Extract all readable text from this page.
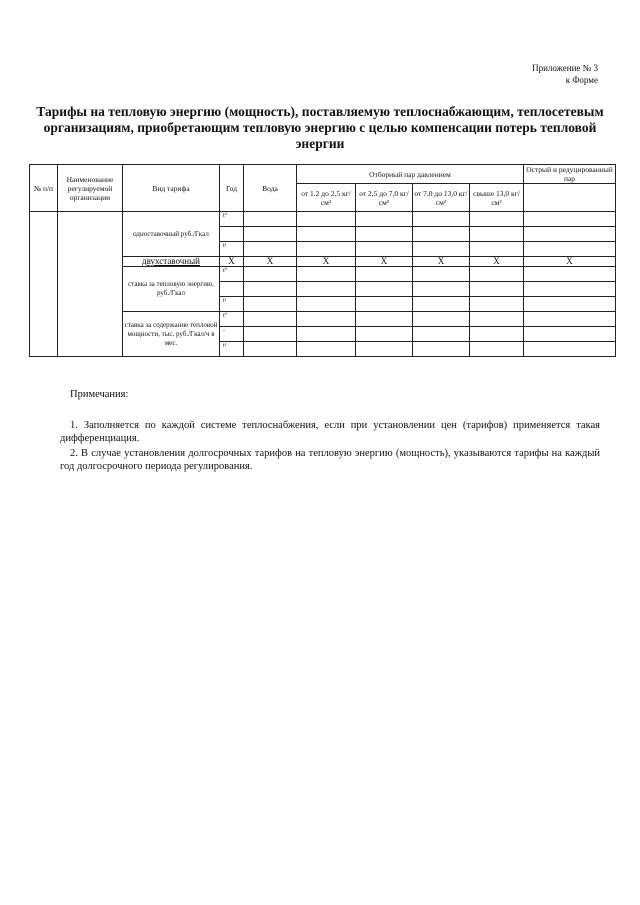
Приложение № 3
к Форме
Тарифы на тепловую энергию (мощность), поставляемую теплоснабжающим, теплосетевым организациям, приобретающим тепловую энергию с целью компенсации потерь тепловой энергии
№ п/п	Наименование регулируемой организации	Вид тарифа	Год	Вода	Отборный пар давлением				Острый и редуцированный пар
					от 1,2 до 2,5 кг/см²	от 2,5 до 7,0 кг/см²	от 7,0 до 13,0 кг/см²	свыше 13,0 кг/см²	
		одноставочный руб./Гкал	t⁰						

			t¹						
		двухставочный	Х	Х	Х	Х	Х	Х	Х
		ставка за тепловую энергию, руб./Гкал	t⁰						

			t¹						
		ставка за содержание тепловой мощности, тыс. руб./Гкал/ч в мес.	t⁰						
			-						
			t¹						
Примечания:

1. Заполняется по каждой системе теплоснабжения, если при установлении цен (тарифов) применяется такая дифференциация.

2. В случае установления долгосрочных тарифов на тепловую энергию (мощность), указываются тарифы на каждый год долгосрочного периода регулирования.
